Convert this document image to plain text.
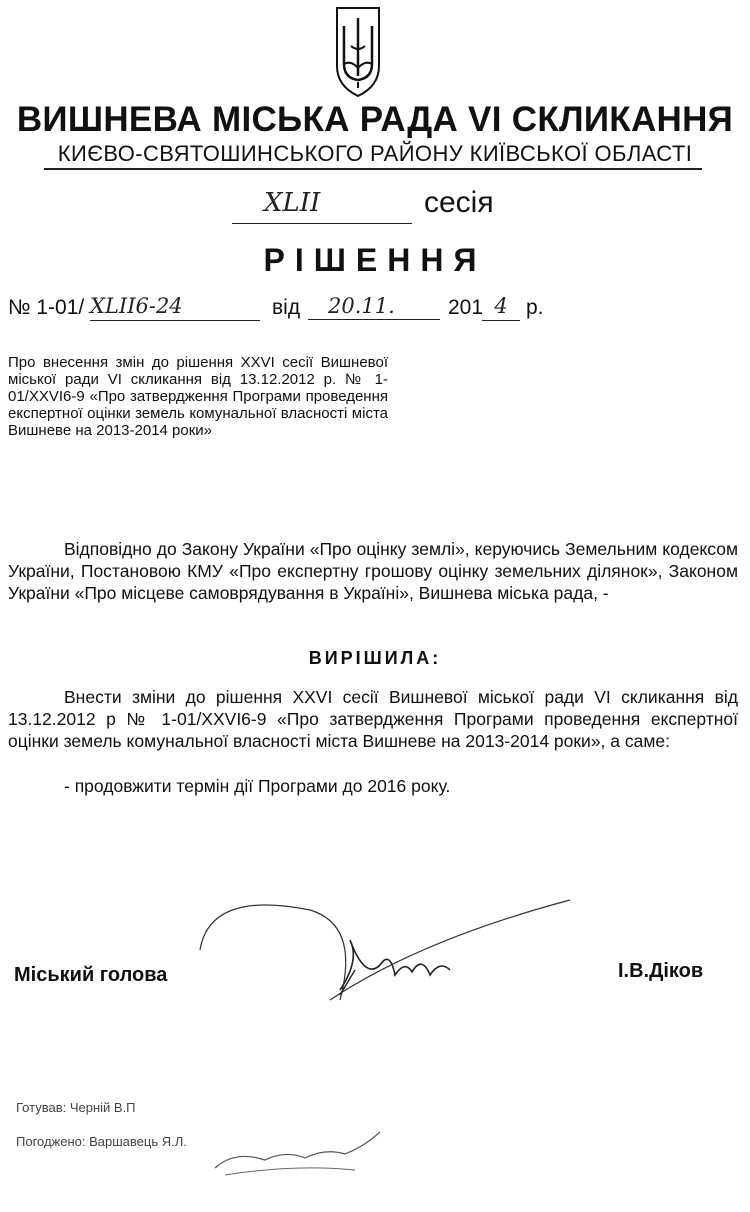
ВИШНЕВА МІСЬКА РАДА VI СКЛИКАННЯ
КИЄВО-СВЯТОШИНСЬКОГО РАЙОНУ КИЇВСЬКОЇ ОБЛАСТІ
XLII	сесія
РІШЕННЯ
№ 1-01/ XLII6-24	від	20.11.	201 4 р.
Про внесення змін до рішення XXVI сесії Вишневої міської ради VI скликання від 13.12.2012 р. № 1-01/XXVI6-9 «Про затвердження Програми проведення експертної оцінки земель комунальної власності міста Вишневе на 2013-2014 роки»
Відповідно до Закону України «Про оцінку землі», керуючись Земельним кодексом України, Постановою КМУ «Про експертну грошову оцінку земельних ділянок», Законом України «Про місцеве самоврядування в Україні», Вишнева міська рада, -
ВИРІШИЛА:
Внести зміни до рішення XXVI сесії Вишневої міської ради VI скликання від 13.12.2012 р № 1-01/XXVI6-9 «Про затвердження Програми проведення експертної оцінки земель комунальної власності міста Вишневе на 2013-2014 роки», а саме:
- продовжити термін дії Програми до 2016 року.
Міський голова	І.В.Діков
Готував: Черній В.П
Погоджено: Варшавець Я.Л.
